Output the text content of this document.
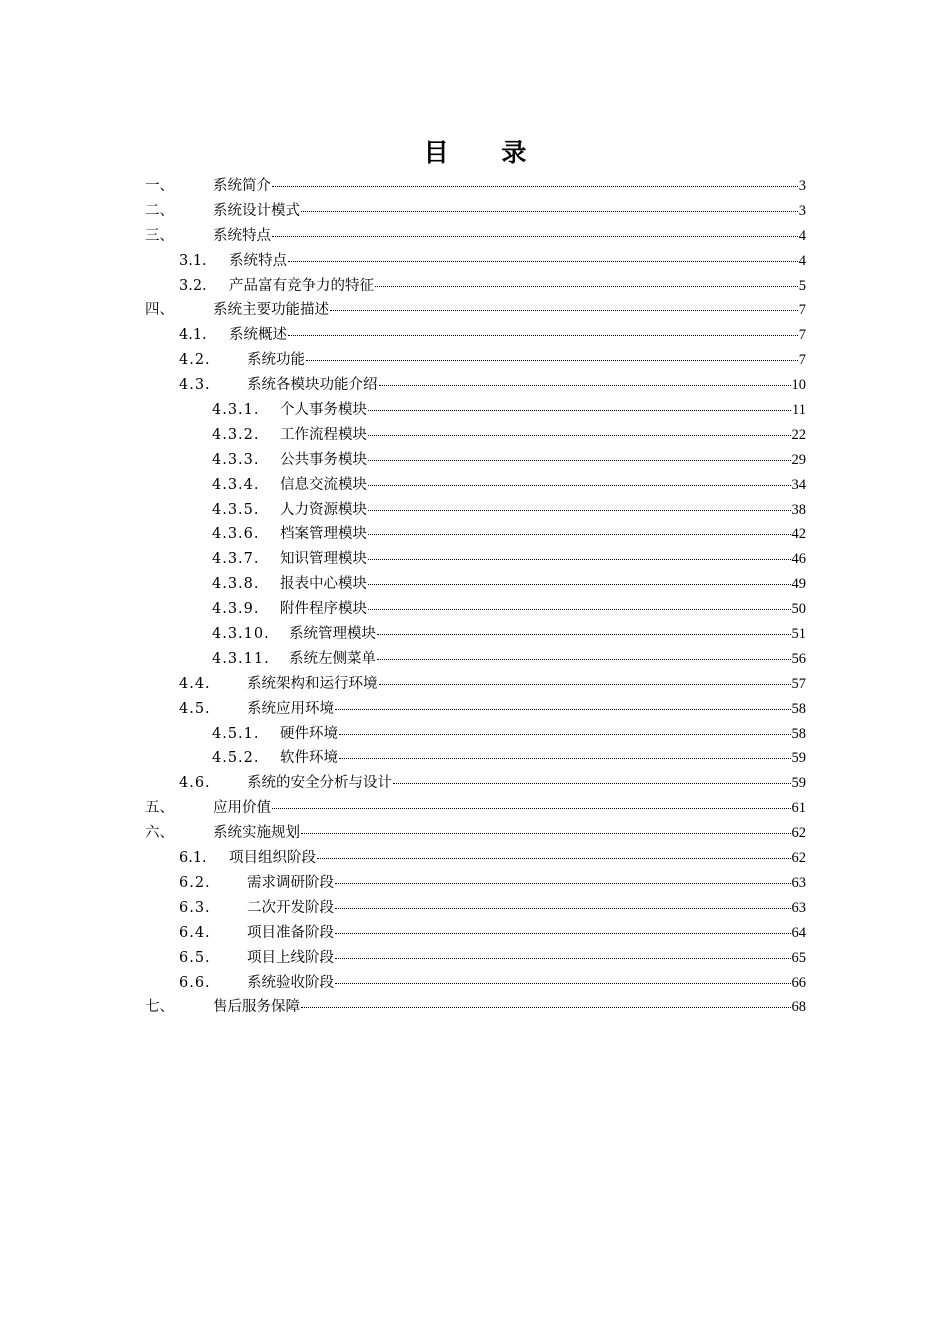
目 录
一、	系统简介	3
二、	系统设计模式	3
三、	系统特点	4
3.1.	系统特点	4
3.2.	产品富有竞争力的特征	5
四、	系统主要功能描述	7
4.1.	系统概述	7
4.2.	系统功能	7
4.3.	系统各模块功能介绍	10
4.3.1.	个人事务模块	11
4.3.2.	工作流程模块	22
4.3.3.	公共事务模块	29
4.3.4.	信息交流模块	34
4.3.5.	人力资源模块	38
4.3.6.	档案管理模块	42
4.3.7.	知识管理模块	46
4.3.8.	报表中心模块	49
4.3.9.	附件程序模块	50
4.3.10.	系统管理模块	51
4.3.11.	系统左侧菜单	56
4.4.	系统架构和运行环境	57
4.5.	系统应用环境	58
4.5.1.	硬件环境	58
4.5.2.	软件环境	59
4.6.	系统的安全分析与设计	59
五、	应用价值	61
六、	系统实施规划	62
6.1.	项目组织阶段	62
6.2.	需求调研阶段	63
6.3.	二次开发阶段	63
6.4.	项目准备阶段	64
6.5.	项目上线阶段	65
6.6.	系统验收阶段	66
七、	售后服务保障	68
